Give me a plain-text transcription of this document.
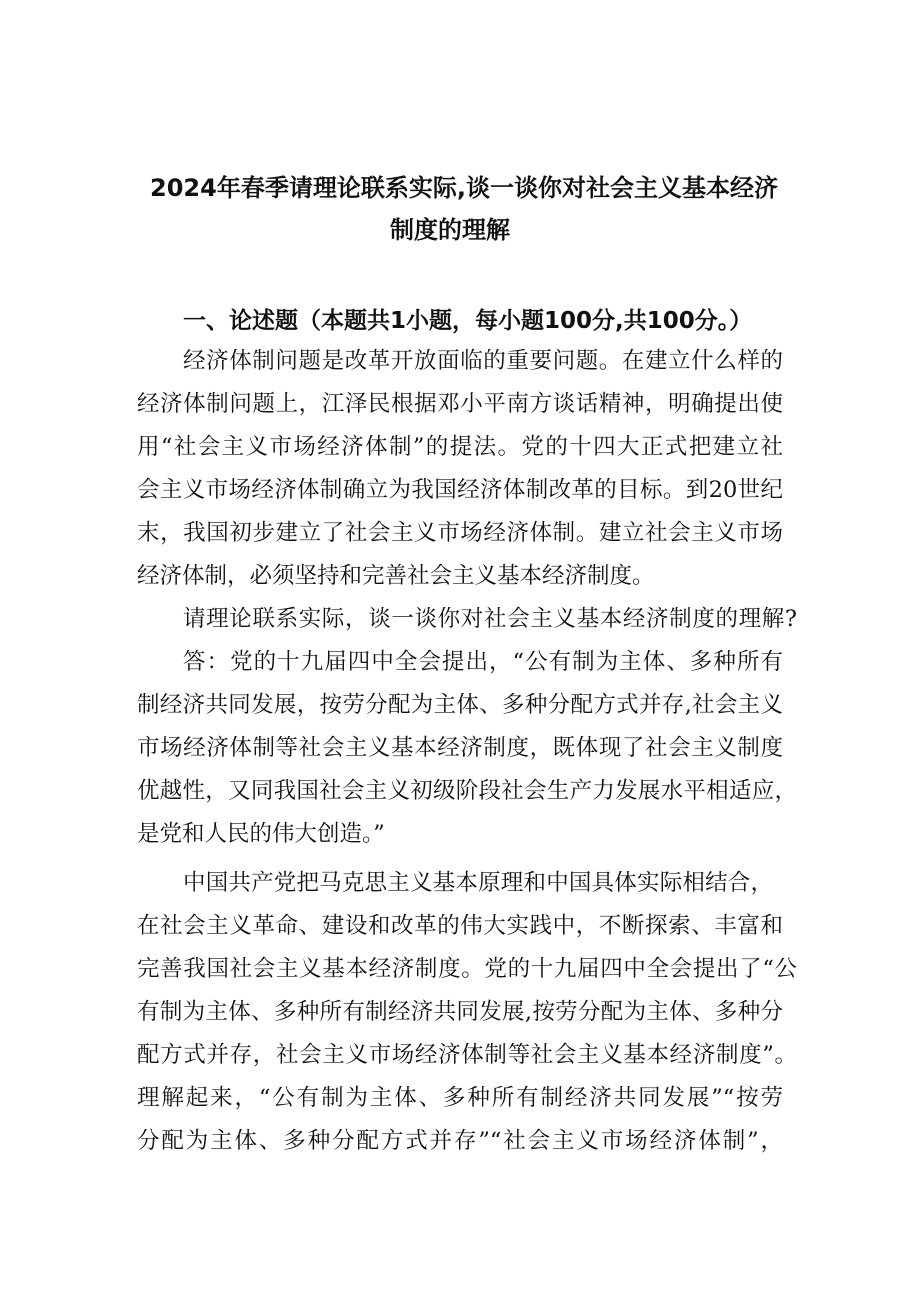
2024年春季请理论联系实际,谈一谈你对社会主义基本经济
制度的理解
一、论述题（本题共1小题，每小题100分,共100分。）

经济体制问题是改革开放面临的重要问题。在建立什么样的

经济体制问题上，江泽民根据邓小平南方谈话精神，明确提出使

用“社会主义市场经济体制”的提法。党的十四大正式把建立社

会主义市场经济体制确立为我国经济体制改革的目标。到20世纪

末，我国初步建立了社会主义市场经济体制。建立社会主义市场

经济体制，必须坚持和完善社会主义基本经济制度。

请理论联系实际，谈一谈你对社会主义基本经济制度的理解?

答：党的十九届四中全会提出，“公有制为主体、多种所有

制经济共同发展，按劳分配为主体、多种分配方式并存,社会主义

市场经济体制等社会主义基本经济制度，既体现了社会主义制度

优越性，又同我国社会主义初级阶段社会生产力发展水平相适应，

是党和人民的伟大创造。”

中国共产党把马克思主义基本原理和中国具体实际相结合，

在社会主义革命、建设和改革的伟大实践中，不断探索、丰富和

完善我国社会主义基本经济制度。党的十九届四中全会提出了“公

有制为主体、多种所有制经济共同发展,按劳分配为主体、多种分

配方式并存，社会主义市场经济体制等社会主义基本经济制度”。

理解起来，“公有制为主体、多种所有制经济共同发展”“按劳

分配为主体、多种分配方式并存”“社会主义市场经济体制”，
